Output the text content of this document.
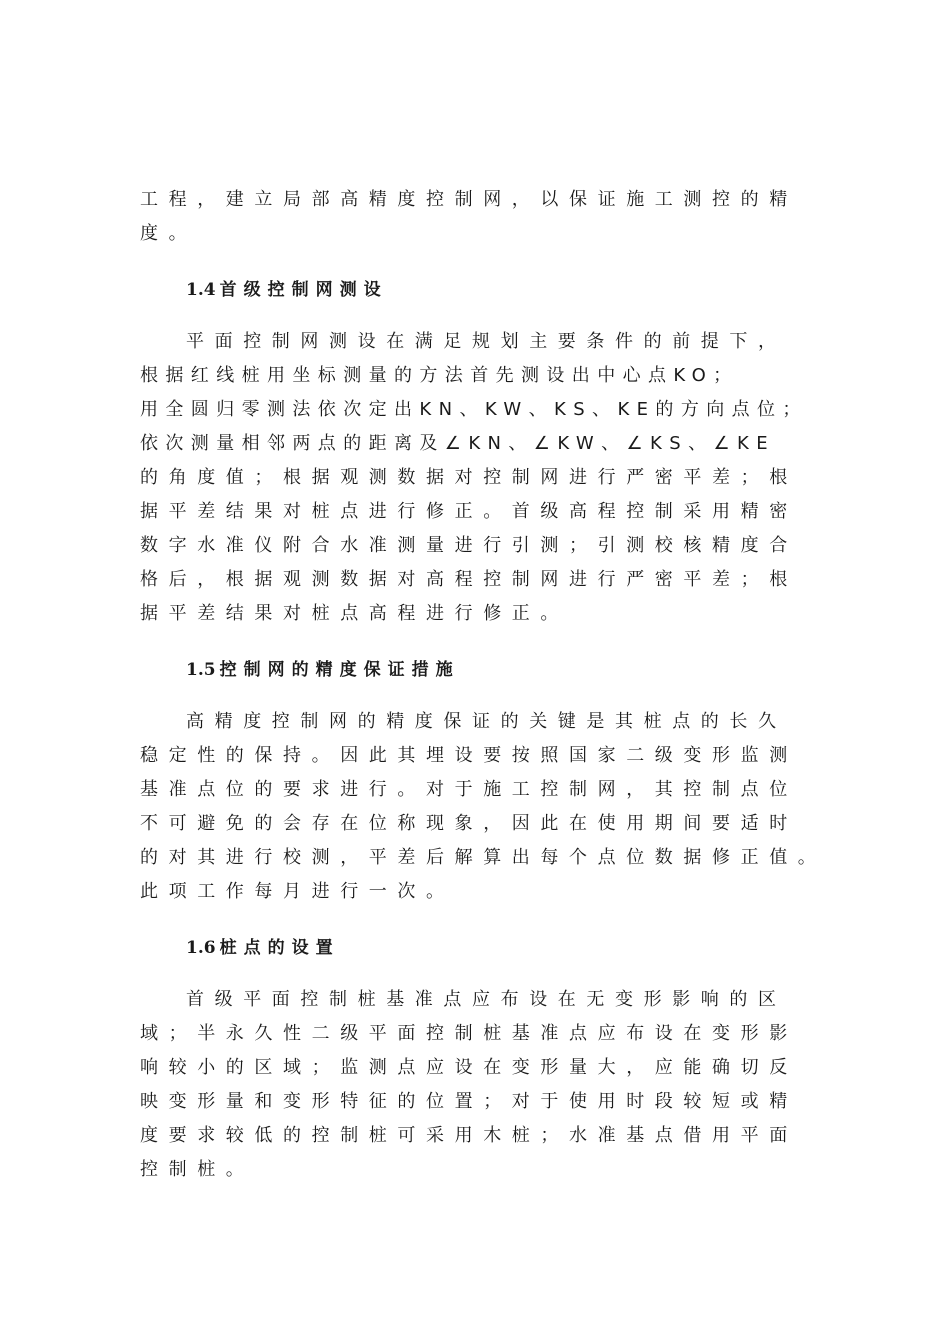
工程，建立局部高精度控制网，以保证施工测控的精
度。
1.4 首级控制网测设
平面控制网测设在满足规划主要条件的前提下，
根据红线桩用坐标测量的方法首先测设出中心点KO；
用全圆归零测法依次定出KN、KW、KS、KE的方向点位；
依次测量相邻两点的距离及∠KN、∠KW、∠KS、∠KE
的角度值；根据观测数据对控制网进行严密平差；根
据平差结果对桩点进行修正。首级高程控制采用精密
数字水准仪附合水准测量进行引测；引测校核精度合
格后，根据观测数据对高程控制网进行严密平差；根
据平差结果对桩点高程进行修正。
1.5 控制网的精度保证措施
高精度控制网的精度保证的关键是其桩点的长久
稳定性的保持。因此其埋设要按照国家二级变形监测
基准点位的要求进行。对于施工控制网，其控制点位
不可避免的会存在位称现象，因此在使用期间要适时
的对其进行校测，平差后解算出每个点位数据修正值。
此项工作每月进行一次。
1.6 桩点的设置
首级平面控制桩基准点应布设在无变形影响的区
域；半永久性二级平面控制桩基准点应布设在变形影
响较小的区域；监测点应设在变形量大，应能确切反
映变形量和变形特征的位置；对于使用时段较短或精
度要求较低的控制桩可采用木桩；水准基点借用平面
控制桩。
